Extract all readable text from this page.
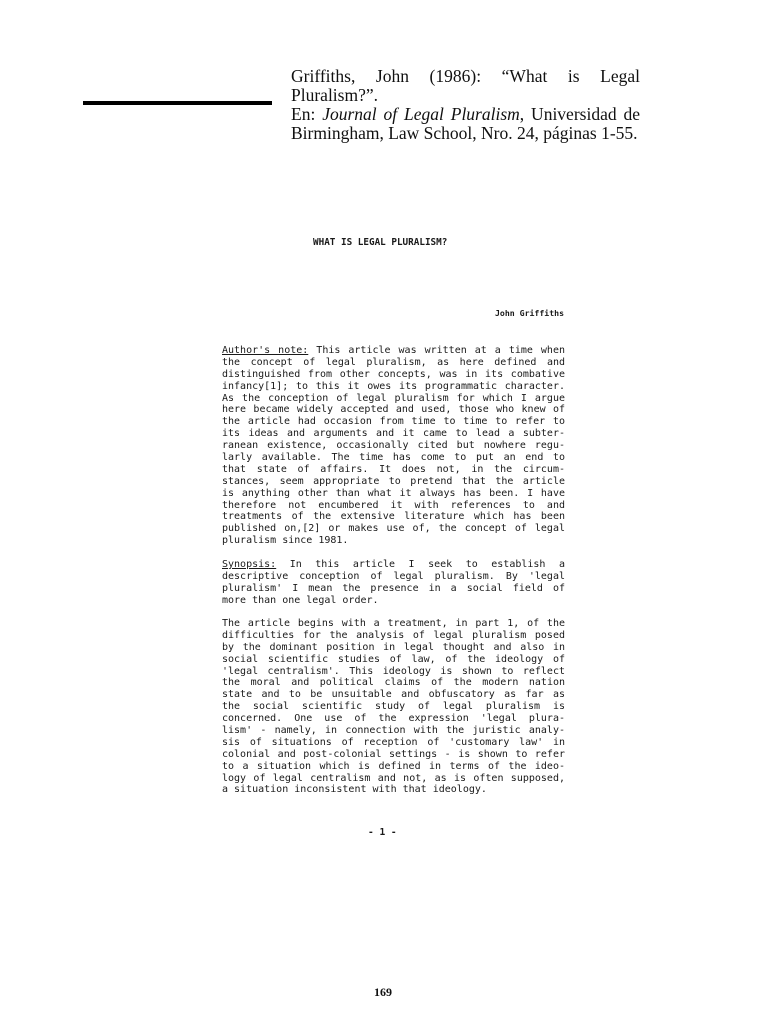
Griffiths, John (1986): “What is Legal Pluralism?”.
En: Journal of Legal Pluralism, Universidad de
Birmingham, Law School, Nro. 24, páginas 1-55.
WHAT IS LEGAL PLURALISM?
John Griffiths
Author's note: This article was written at a time when
the concept of legal pluralism, as here defined and
distinguished from other concepts, was in its combative
infancy[1]; to this it owes its programmatic character.
As the conception of legal pluralism for which I argue
here became widely accepted and used, those who knew of
the article had occasion from time to time to refer to
its ideas and arguments and it came to lead a subter-
ranean existence, occasionally cited but nowhere regu-
larly available. The time has come to put an end to
that state of affairs. It does not, in the circum-
stances, seem appropriate to pretend that the article
is anything other than what it always has been. I have
therefore not encumbered it with references to and
treatments of the extensive literature which has been
published on,[2] or makes use of, the concept of legal
pluralism since 1981.
Synopsis: In this article I seek to establish a
descriptive conception of legal pluralism. By 'legal
pluralism' I mean the presence in a social field of
more than one legal order.
The article begins with a treatment, in part 1, of the
difficulties for the analysis of legal pluralism posed
by the dominant position in legal thought and also in
social scientific studies of law, of the ideology of
'legal centralism'. This ideology is shown to reflect
the moral and political claims of the modern nation
state and to be unsuitable and obfuscatory as far as
the social scientific study of legal pluralism is
concerned. One use of the expression 'legal plura-
lism' - namely, in connection with the juristic analy-
sis of situations of reception of 'customary law' in
colonial and post-colonial settings - is shown to refer
to a situation which is defined in terms of the ideo-
logy of legal centralism and not, as is often supposed,
a situation inconsistent with that ideology.
- 1 -
169
